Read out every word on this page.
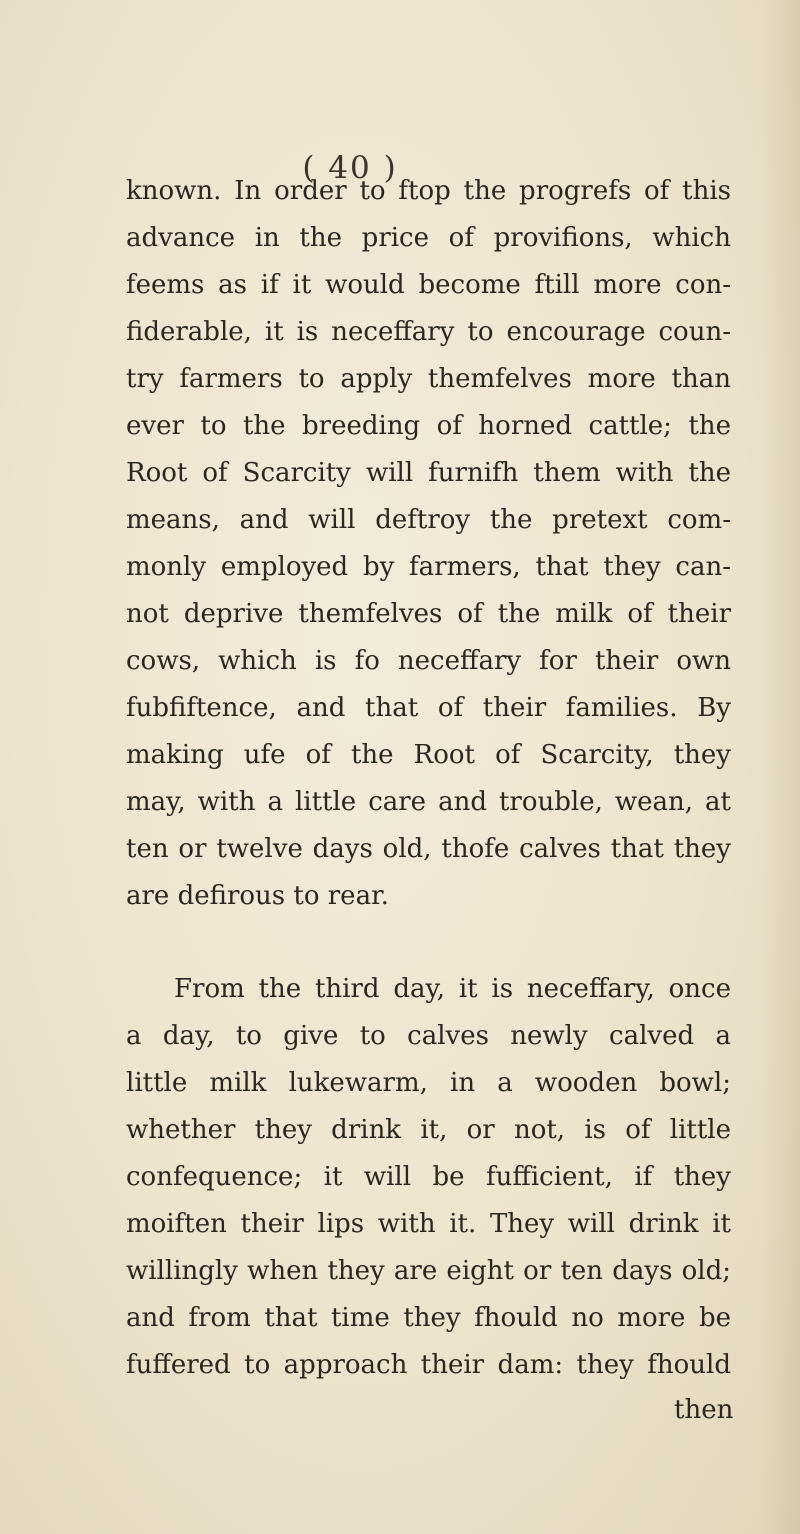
( 40 )
known. In order to ftop the progrefs of this
advance in the price of provifions, which
feems as if it would become ftill more con-
fiderable, it is neceffary to encourage coun-
try farmers to apply themfelves more than
ever to the breeding of horned cattle; the
Root of Scarcity will furnifh them with the
means, and will deftroy the pretext com-
monly employed by farmers, that they can-
not deprive themfelves of the milk of their
cows, which is fo neceffary for their own
fubfiftence, and that of their families. By
making ufe of the Root of Scarcity, they
may, with a little care and trouble, wean, at
ten or twelve days old, thofe calves that they
are defirous to rear.
From the third day, it is neceffary, once
a day, to give to calves newly calved a
little milk lukewarm, in a wooden bowl;
whether they drink it, or not, is of little
confequence; it will be fufficient, if they
moiften their lips with it. They will drink it
willingly when they are eight or ten days old;
and from that time they fhould no more be
fuffered to approach their dam: they fhould
then
